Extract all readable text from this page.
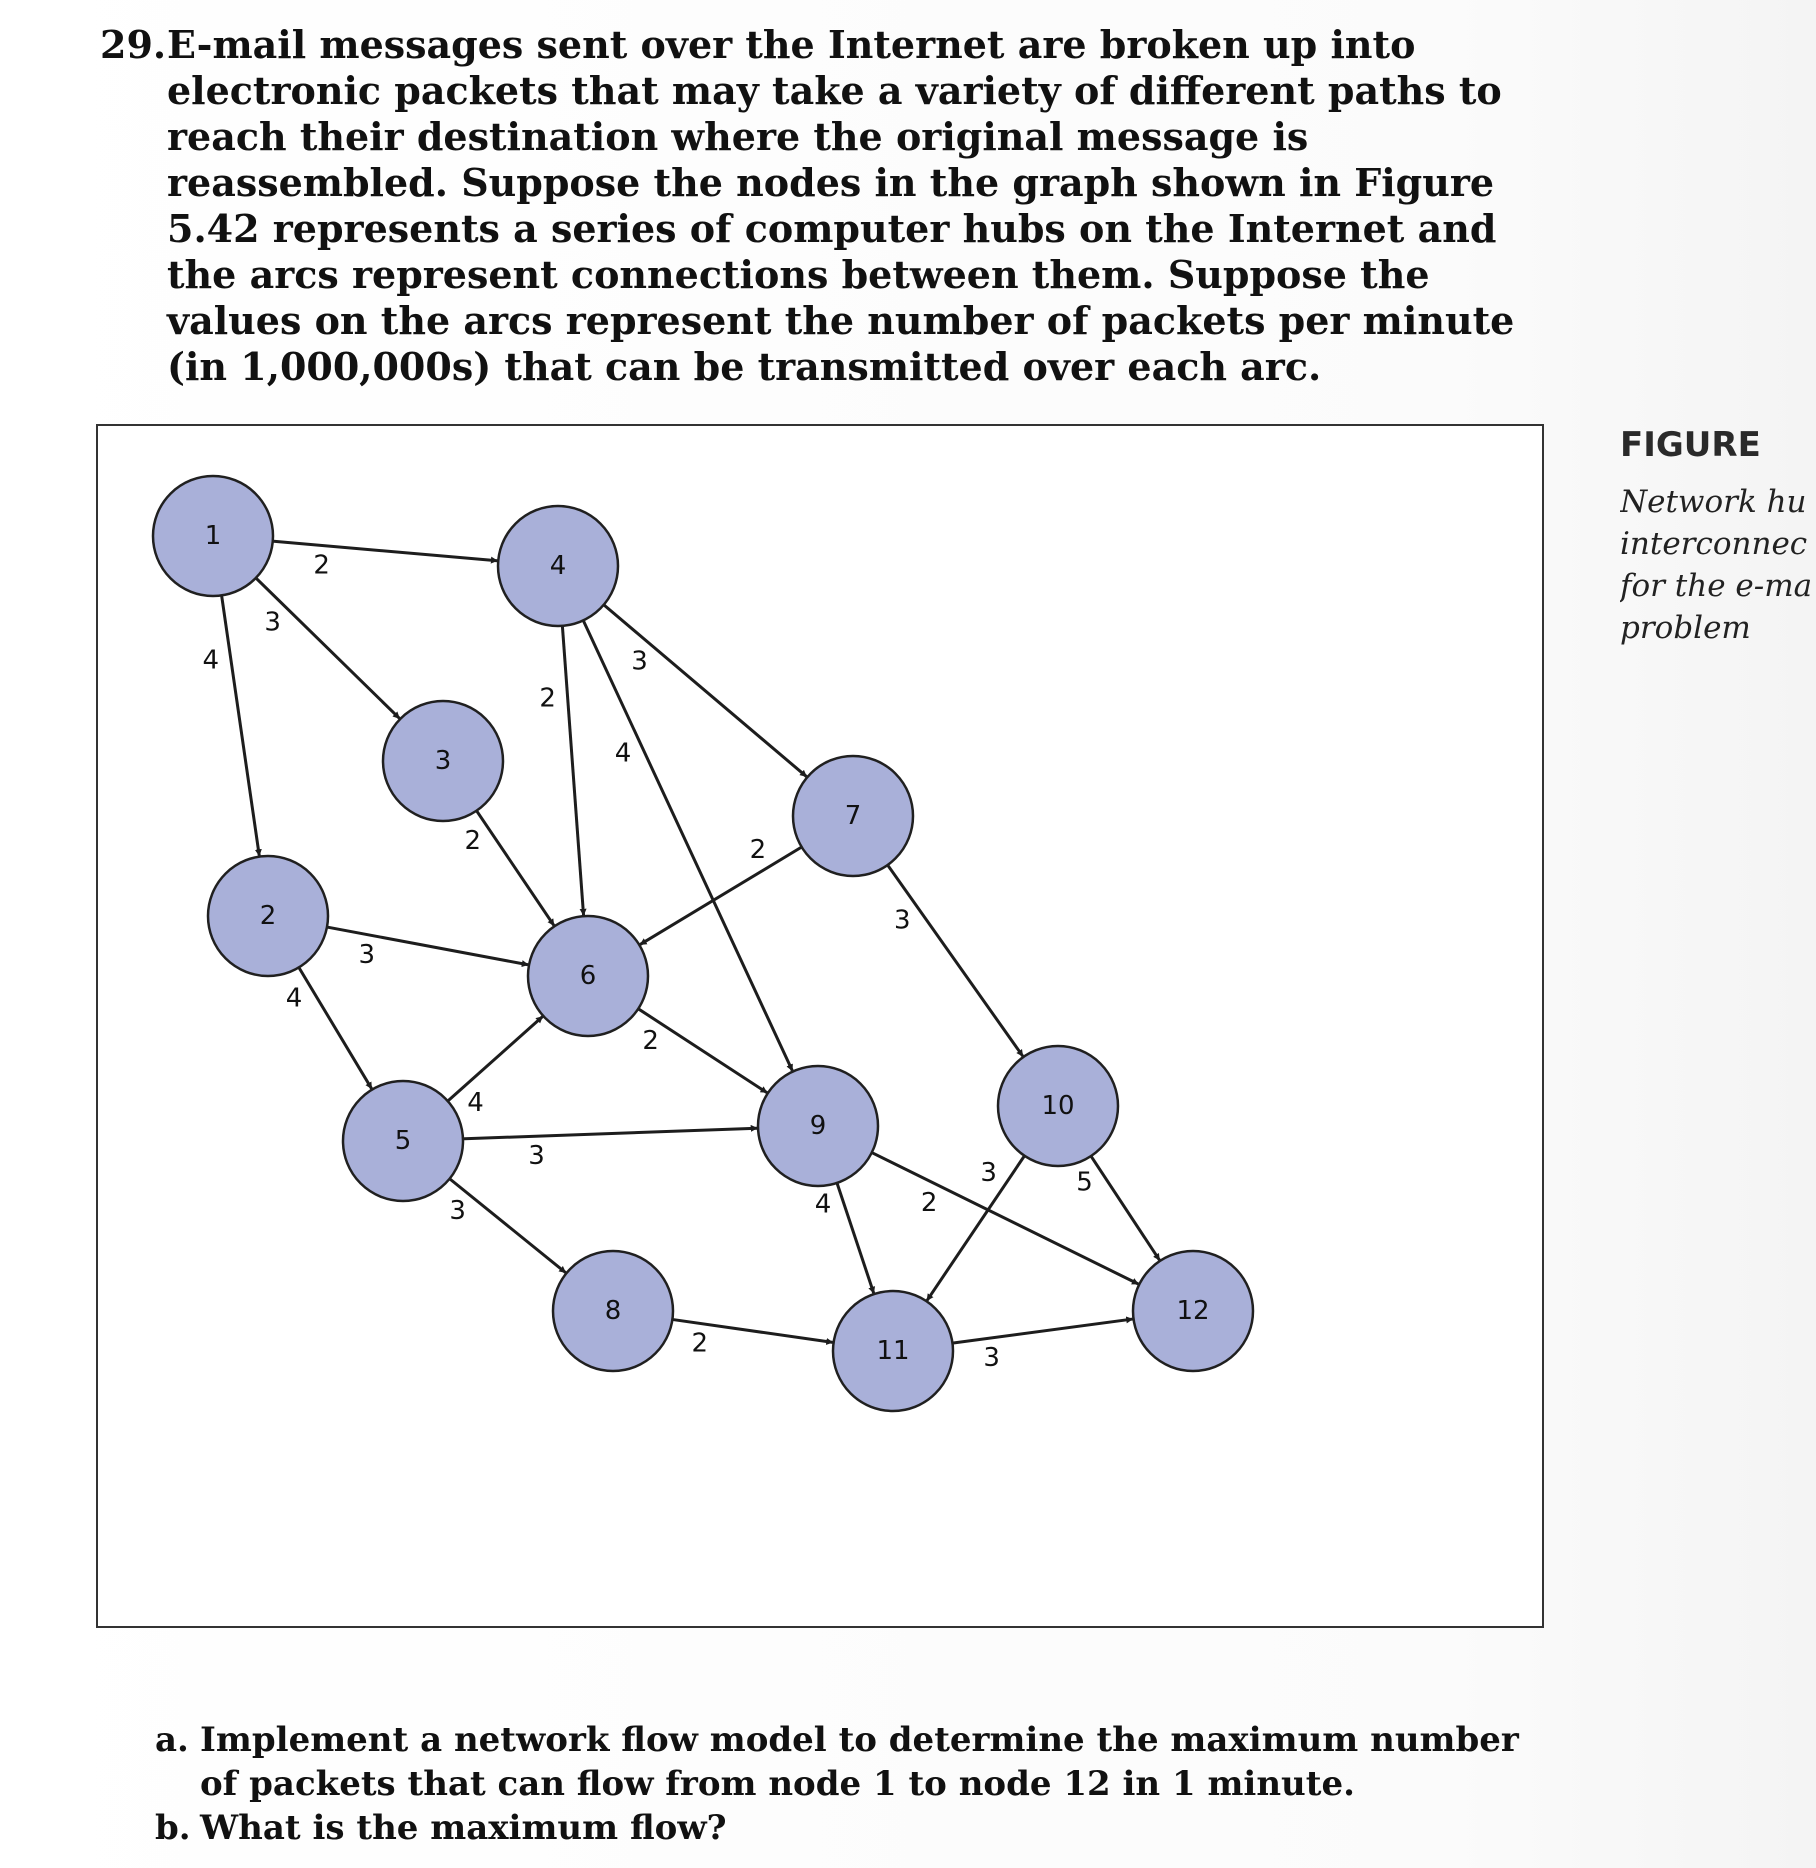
29. E-mail messages sent over the Internet are broken up into electronic packets that may take a variety of different paths to reach their destination where the original message is reassembled. Suppose the nodes in the graph shown in Figure 5.42 represents a series of computer hubs on the Internet and the arcs represent connections between them. Suppose the values on the arcs represent the number of packets per minute (in 1,000,000s) that can be transmitted over each arc.
FIGURE
Network hu
interconnec
for the e-ma
problem
1
2
3
4
5
6
7
8
9
10
11
12
2
3
4
2
3
4
2
3
4
4
3
3
2
3
2
2
4
3	5
2	3
a. Implement a network flow model to determine the maximum number of packets that can flow from node 1 to node 12 in 1 minute.
b. What is the maximum flow?
